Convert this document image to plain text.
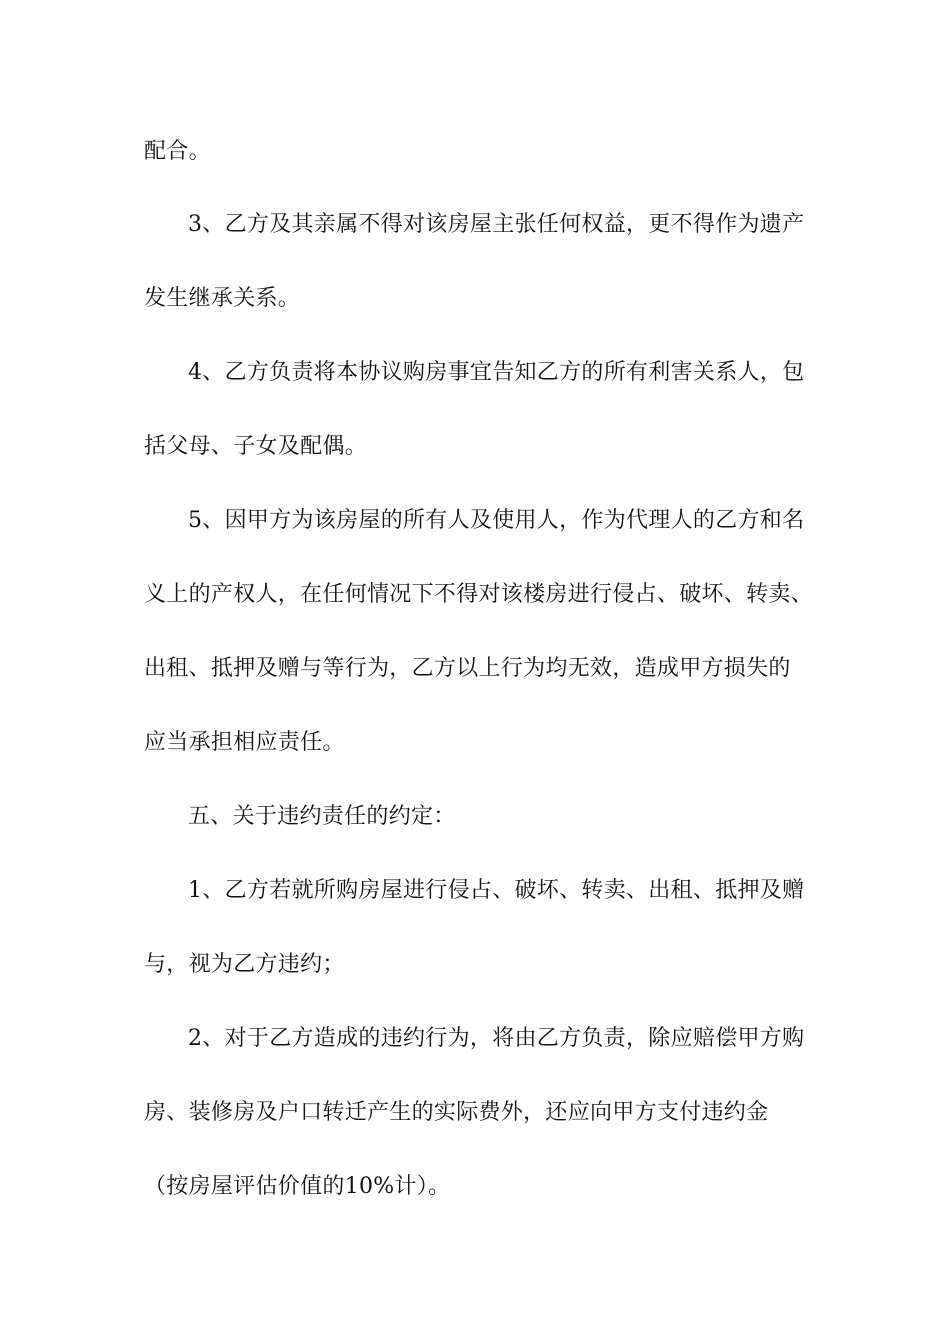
配合。
3、乙方及其亲属不得对该房屋主张任何权益，更不得作为遗产
发生继承关系。
4、乙方负责将本协议购房事宜告知乙方的所有利害关系人，包
括父母、子女及配偶。
5、因甲方为该房屋的所有人及使用人，作为代理人的乙方和名
义上的产权人，在任何情况下不得对该楼房进行侵占、破坏、转卖、
出租、抵押及赠与等行为，乙方以上行为均无效，造成甲方损失的
应当承担相应责任。
五、关于违约责任的约定：
1、乙方若就所购房屋进行侵占、破坏、转卖、出租、抵押及赠
与，视为乙方违约；
2、对于乙方造成的违约行为，将由乙方负责，除应赔偿甲方购
房、装修房及户口转迁产生的实际费外，还应向甲方支付违约金
（按房屋评估价值的10%计）。
